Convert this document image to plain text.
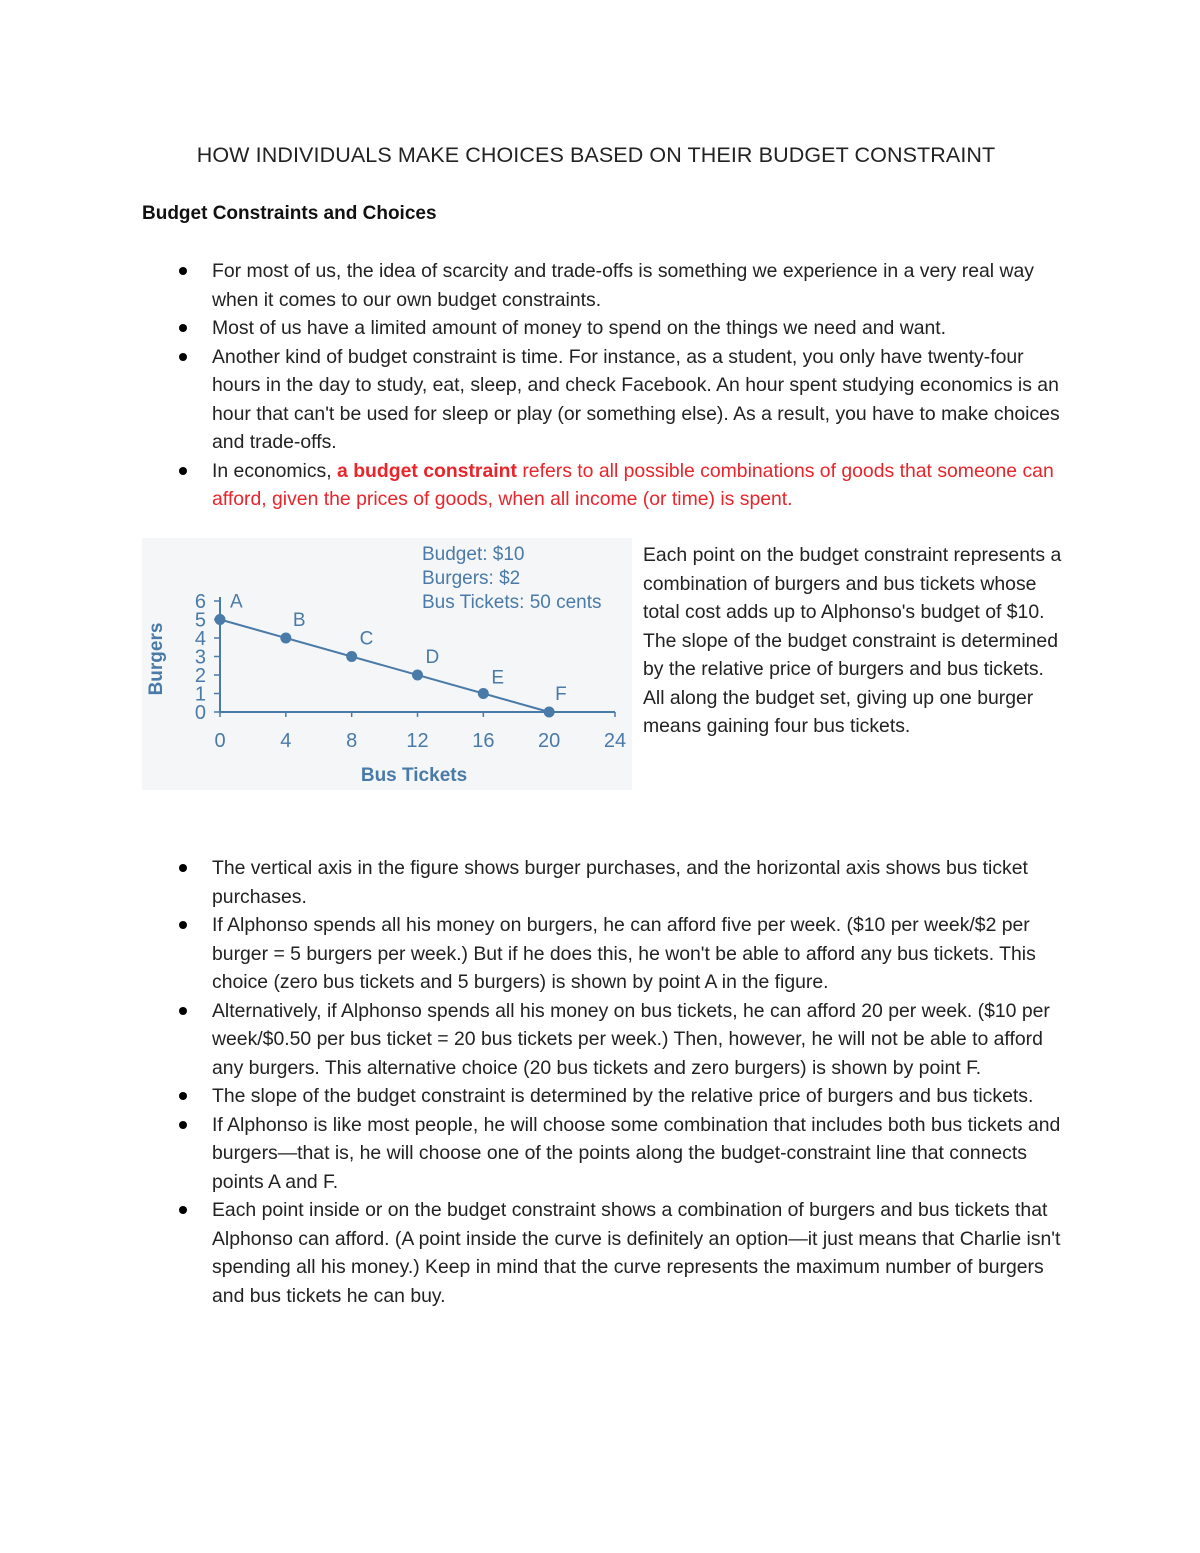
HOW INDIVIDUALS MAKE CHOICES BASED ON THEIR BUDGET CONSTRAINT
Budget Constraints and Choices
For most of us, the idea of scarcity and trade-offs is something we experience in a very real way when it comes to our own budget constraints.
Most of us have a limited amount of money to spend on the things we need and want.
Another kind of budget constraint is time. For instance, as a student, you only have twenty-four hours in the day to study, eat, sleep, and check Facebook. An hour spent studying economics is an hour that can't be used for sleep or play (or something else). As a result, you have to make choices and trade-offs.
In economics, a budget constraint refers to all possible combinations of goods that someone can afford, given the prices of goods, when all income (or time) is spent.
0
1
2
3
4
5
6
0	4	8 12 16 20 24
Bus Tickets
Burgers
A
B
C
D
E
F
Budget: $10
Burgers: $2
Bus Tickets: 50 cents
Each point on the budget constraint represents a combination of burgers and bus tickets whose total cost adds up to Alphonso's budget of $10. The slope of the budget constraint is determined by the relative price of burgers and bus tickets. All along the budget set, giving up one burger means gaining four bus tickets.
The vertical axis in the figure shows burger purchases, and the horizontal axis shows bus ticket purchases.
If Alphonso spends all his money on burgers, he can afford five per week. ($10 per week/$2 per burger = 5 burgers per week.) But if he does this, he won't be able to afford any bus tickets. This choice (zero bus tickets and 5 burgers) is shown by point A in the figure.
Alternatively, if Alphonso spends all his money on bus tickets, he can afford 20 per week. ($10 per week/$0.50 per bus ticket = 20 bus tickets per week.) Then, however, he will not be able to afford any burgers. This alternative choice (20 bus tickets and zero burgers) is shown by point F.
The slope of the budget constraint is determined by the relative price of burgers and bus tickets.
If Alphonso is like most people, he will choose some combination that includes both bus tickets and burgers—that is, he will choose one of the points along the budget-constraint line that connects points A and F.
Each point inside or on the budget constraint shows a combination of burgers and bus tickets that Alphonso can afford. (A point inside the curve is definitely an option—it just means that Charlie isn't spending all his money.) Keep in mind that the curve represents the maximum number of burgers and bus tickets he can buy.
